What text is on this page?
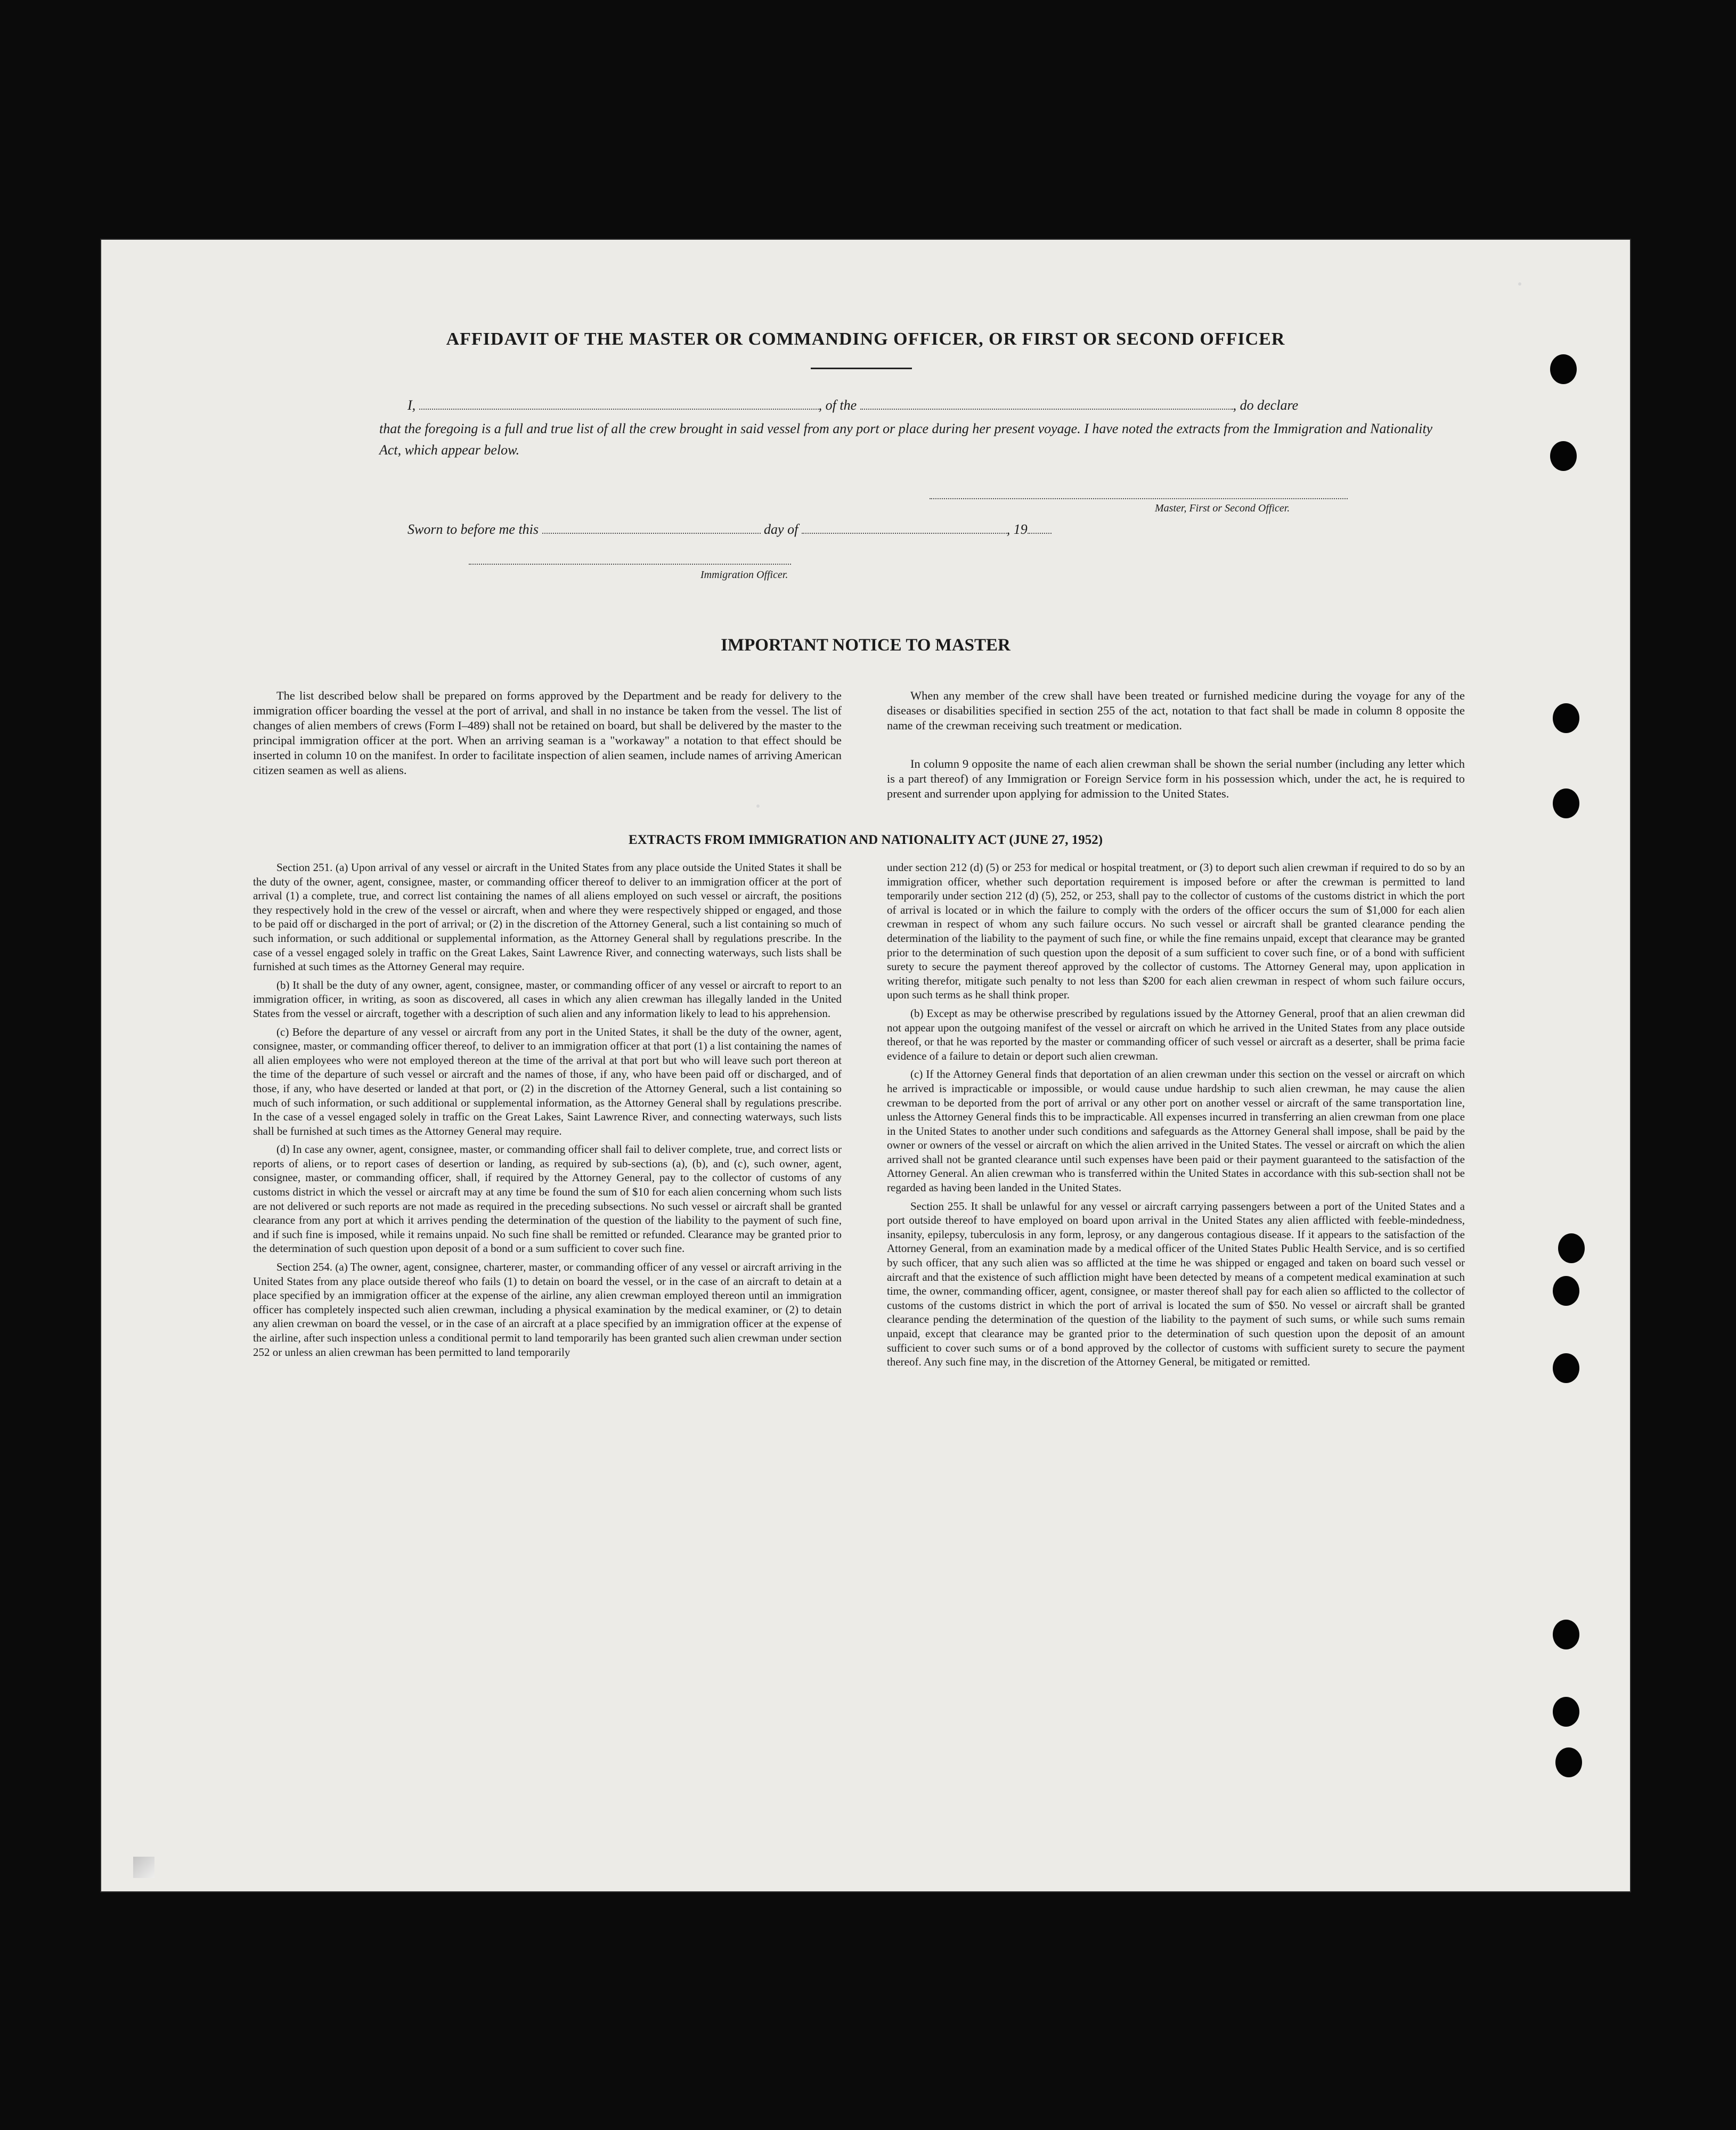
AFFIDAVIT OF THE MASTER OR COMMANDING OFFICER, OR FIRST OR SECOND OFFICER
I,	, of the	, do declare
that the foregoing is a full and true list of all the crew brought in said vessel from any port or place during her present voyage. I have noted the extracts from the Immigration and Nationality Act, which appear below.
Master, First or Second Officer.
Sworn to before me this	day of	, 19
Immigration Officer.
IMPORTANT NOTICE TO MASTER

The list described below shall be prepared on forms approved by the Department and be ready for delivery to the immigration officer boarding the vessel at the port of arrival, and shall in no instance be taken from the vessel. The list of changes of alien members of crews (Form I–489) shall not be retained on board, but shall be delivered by the master to the principal immigration officer at the port. When an arriving seaman is a "workaway" a notation to that effect should be inserted in column 10 on the manifest. In order to facilitate inspection of alien seamen, include names of arriving American citizen seamen as well as aliens.

When any member of the crew shall have been treated or furnished medicine during the voyage for any of the diseases or disabilities specified in section 255 of the act, notation to that fact shall be made in column 8 opposite the name of the crewman receiving such treatment or medication.

In column 9 opposite the name of each alien crewman shall be shown the serial number (including any letter which is a part thereof) of any Immigration or Foreign Service form in his possession which, under the act, he is required to present and surrender upon applying for admission to the United States.

EXTRACTS FROM IMMIGRATION AND NATIONALITY ACT (JUNE 27, 1952)

Section 251. (a) Upon arrival of any vessel or aircraft in the United States from any place outside the United States it shall be the duty of the owner, agent, consignee, master, or commanding officer thereof to deliver to an immigration officer at the port of arrival (1) a complete, true, and correct list containing the names of all aliens employed on such vessel or aircraft, the positions they respectively hold in the crew of the vessel or aircraft, when and where they were respectively shipped or engaged, and those to be paid off or discharged in the port of arrival; or (2) in the discretion of the Attorney General, such a list containing so much of such information, or such additional or supplemental information, as the Attorney General shall by regulations prescribe. In the case of a vessel engaged solely in traffic on the Great Lakes, Saint Lawrence River, and connecting waterways, such lists shall be furnished at such times as the Attorney General may require.

(b) It shall be the duty of any owner, agent, consignee, master, or commanding officer of any vessel or aircraft to report to an immigration officer, in writing, as soon as discovered, all cases in which any alien crewman has illegally landed in the United States from the vessel or aircraft, together with a description of such alien and any information likely to lead to his apprehension.

(c) Before the departure of any vessel or aircraft from any port in the United States, it shall be the duty of the owner, agent, consignee, master, or commanding officer thereof, to deliver to an immigration officer at that port (1) a list containing the names of all alien employees who were not employed thereon at the time of the arrival at that port but who will leave such port thereon at the time of the departure of such vessel or aircraft and the names of those, if any, who have been paid off or discharged, and of those, if any, who have deserted or landed at that port, or (2) in the discretion of the Attorney General, such a list containing so much of such information, or such additional or supplemental information, as the Attorney General shall by regulations prescribe. In the case of a vessel engaged solely in traffic on the Great Lakes, Saint Lawrence River, and connecting waterways, such lists shall be furnished at such times as the Attorney General may require.

(d) In case any owner, agent, consignee, master, or commanding officer shall fail to deliver complete, true, and correct lists or reports of aliens, or to report cases of desertion or landing, as required by sub-sections (a), (b), and (c), such owner, agent, consignee, master, or commanding officer, shall, if required by the Attorney General, pay to the collector of customs of any customs district in which the vessel or aircraft may at any time be found the sum of $10 for each alien concerning whom such lists are not delivered or such reports are not made as required in the preceding subsections. No such vessel or aircraft shall be granted clearance from any port at which it arrives pending the determination of the question of the liability to the payment of such fine, and if such fine is imposed, while it remains unpaid. No such fine shall be remitted or refunded. Clearance may be granted prior to the determination of such question upon deposit of a bond or a sum sufficient to cover such fine.

Section 254. (a) The owner, agent, consignee, charterer, master, or commanding officer of any vessel or aircraft arriving in the United States from any place outside thereof who fails (1) to detain on board the vessel, or in the case of an aircraft to detain at a place specified by an immigration officer at the expense of the airline, any alien crewman employed thereon until an immigration officer has completely inspected such alien crewman, including a physical examination by the medical examiner, or (2) to detain any alien crewman on board the vessel, or in the case of an aircraft at a place specified by an immigration officer at the expense of the airline, after such inspection unless a conditional permit to land temporarily has been granted such alien crewman under section 252 or unless an alien crewman has been permitted to land temporarily

under section 212 (d) (5) or 253 for medical or hospital treatment, or (3) to deport such alien crewman if required to do so by an immigration officer, whether such deportation requirement is imposed before or after the crewman is permitted to land temporarily under section 212 (d) (5), 252, or 253, shall pay to the collector of customs of the customs district in which the port of arrival is located or in which the failure to comply with the orders of the officer occurs the sum of $1,000 for each alien crewman in respect of whom any such failure occurs. No such vessel or aircraft shall be granted clearance pending the determination of the liability to the payment of such fine, or while the fine remains unpaid, except that clearance may be granted prior to the determination of such question upon the deposit of a sum sufficient to cover such fine, or of a bond with sufficient surety to secure the payment thereof approved by the collector of customs. The Attorney General may, upon application in writing therefor, mitigate such penalty to not less than $200 for each alien crewman in respect of whom such failure occurs, upon such terms as he shall think proper.

(b) Except as may be otherwise prescribed by regulations issued by the Attorney General, proof that an alien crewman did not appear upon the outgoing manifest of the vessel or aircraft on which he arrived in the United States from any place outside thereof, or that he was reported by the master or commanding officer of such vessel or aircraft as a deserter, shall be prima facie evidence of a failure to detain or deport such alien crewman.

(c) If the Attorney General finds that deportation of an alien crewman under this section on the vessel or aircraft on which he arrived is impracticable or impossible, or would cause undue hardship to such alien crewman, he may cause the alien crewman to be deported from the port of arrival or any other port on another vessel or aircraft of the same transportation line, unless the Attorney General finds this to be impracticable. All expenses incurred in transferring an alien crewman from one place in the United States to another under such conditions and safeguards as the Attorney General shall impose, shall be paid by the owner or owners of the vessel or aircraft on which the alien arrived in the United States. The vessel or aircraft on which the alien arrived shall not be granted clearance until such expenses have been paid or their payment guaranteed to the satisfaction of the Attorney General. An alien crewman who is transferred within the United States in accordance with this sub-section shall not be regarded as having been landed in the United States.

Section 255. It shall be unlawful for any vessel or aircraft carrying passengers between a port of the United States and a port outside thereof to have employed on board upon arrival in the United States any alien afflicted with feeble-mindedness, insanity, epilepsy, tuberculosis in any form, leprosy, or any dangerous contagious disease. If it appears to the satisfaction of the Attorney General, from an examination made by a medical officer of the United States Public Health Service, and is so certified by such officer, that any such alien was so afflicted at the time he was shipped or engaged and taken on board such vessel or aircraft and that the existence of such affliction might have been detected by means of a competent medical examination at such time, the owner, commanding officer, agent, consignee, or master thereof shall pay for each alien so afflicted to the collector of customs of the customs district in which the port of arrival is located the sum of $50. No vessel or aircraft shall be granted clearance pending the determination of the question of the liability to the payment of such sums, or while such sums remain unpaid, except that clearance may be granted prior to the determination of such question upon the deposit of an amount sufficient to cover such sums or of a bond approved by the collector of customs with sufficient surety to secure the payment thereof. Any such fine may, in the discretion of the Attorney General, be mitigated or remitted.
